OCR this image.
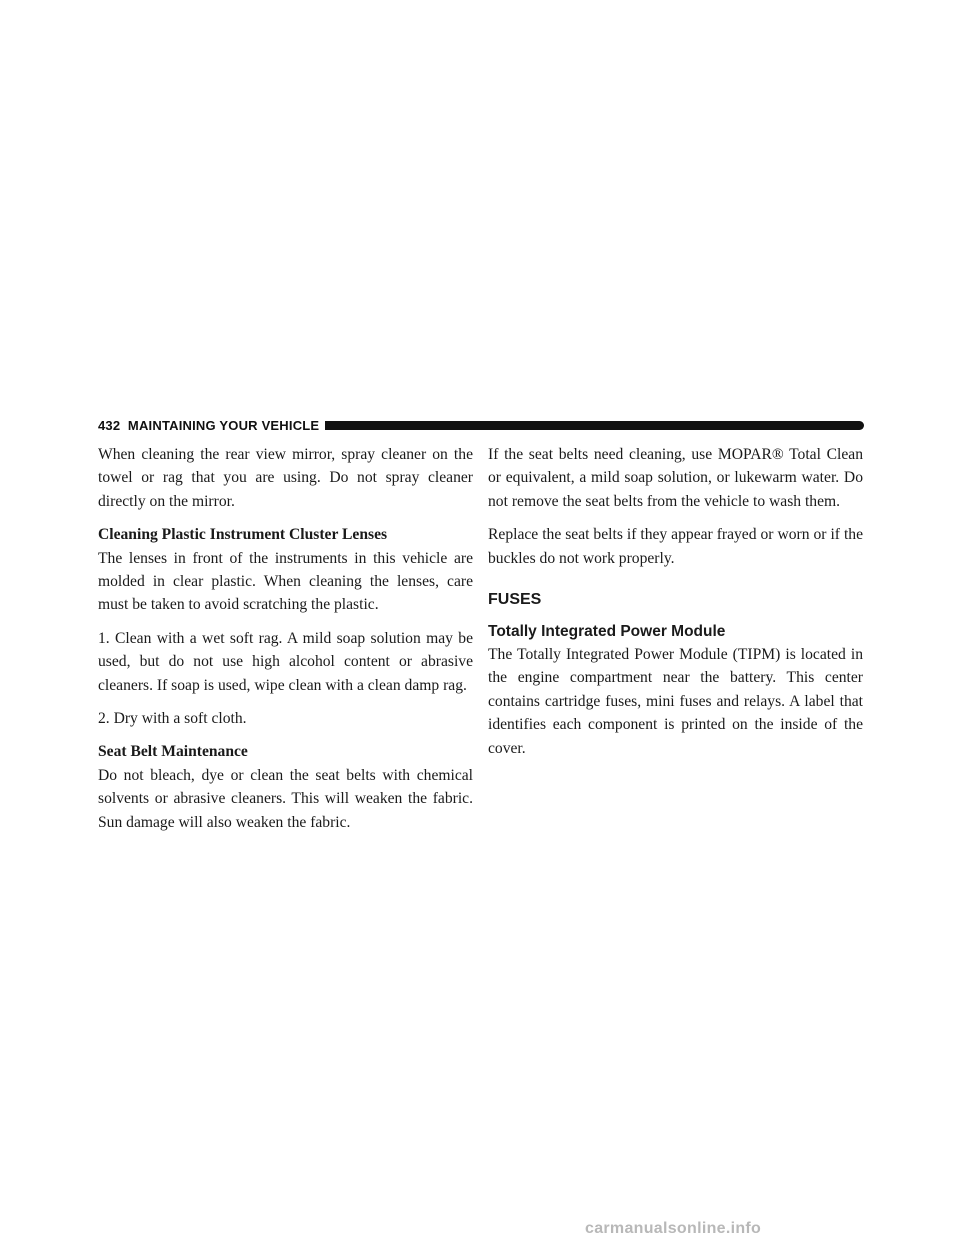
432 MAINTAINING YOUR VEHICLE

When cleaning the rear view mirror, spray cleaner on the towel or rag that you are using. Do not spray cleaner directly on the mirror.

Cleaning Plastic Instrument Cluster Lenses

The lenses in front of the instruments in this vehicle are molded in clear plastic. When cleaning the lenses, care must be taken to avoid scratching the plastic.

1. Clean with a wet soft rag. A mild soap solution may be used, but do not use high alcohol content or abrasive cleaners. If soap is used, wipe clean with a clean damp rag.

2. Dry with a soft cloth.

Seat Belt Maintenance

Do not bleach, dye or clean the seat belts with chemical solvents or abrasive cleaners. This will weaken the fabric. Sun damage will also weaken the fabric.

If the seat belts need cleaning, use MOPAR® Total Clean or equivalent, a mild soap solution, or lukewarm water. Do not remove the seat belts from the vehicle to wash them.

Replace the seat belts if they appear frayed or worn or if the buckles do not work properly.

FUSES
Totally Integrated Power Module

The Totally Integrated Power Module (TIPM) is located in the engine compartment near the battery. This center contains cartridge fuses, mini fuses and relays. A label that identifies each component is printed on the inside of the cover.

carmanualsonline.info
